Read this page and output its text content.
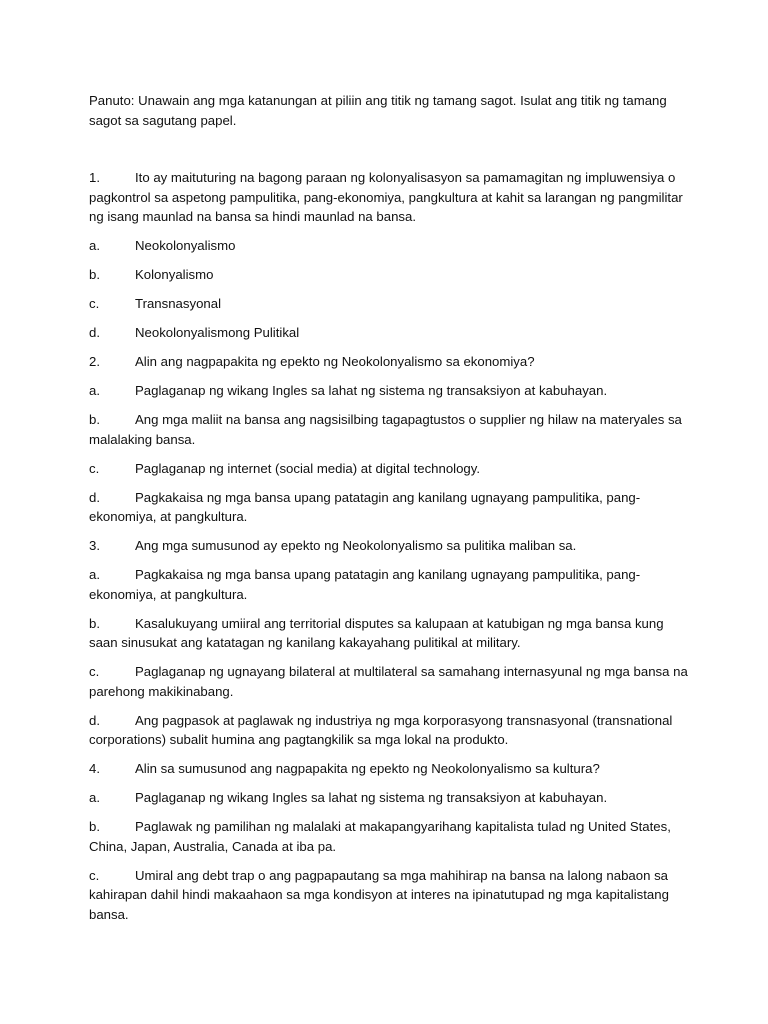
Panuto: Unawain ang mga katanungan at piliin ang titik ng tamang sagot. Isulat ang titik ng tamang sagot sa sagutang papel.

1.	Ito ay maituturing na bagong paraan ng kolonyalisasyon sa pamamagitan ng impluwensiya o pagkontrol sa aspetong pampulitika, pang-ekonomiya, pangkultura at kahit sa larangan ng pangmilitar ng isang maunlad na bansa sa hindi maunlad na bansa.

a.	Neokolonyalismo

b.	Kolonyalismo

c.	Transnasyonal

d.	Neokolonyalismong Pulitikal

2.	Alin ang nagpapakita ng epekto ng Neokolonyalismo sa ekonomiya?

a.	Paglaganap ng wikang Ingles sa lahat ng sistema ng transaksiyon at kabuhayan.

b.	Ang mga maliit na bansa ang nagsisilbing tagapagtustos o supplier ng hilaw na materyales sa malalaking bansa.

c.	Paglaganap ng internet (social media) at digital technology.

d.	Pagkakaisa ng mga bansa upang patatagin ang kanilang ugnayang pampulitika, pang-ekonomiya, at pangkultura.

3.	Ang mga sumusunod ay epekto ng Neokolonyalismo sa pulitika maliban sa.

a.	Pagkakaisa ng mga bansa upang patatagin ang kanilang ugnayang pampulitika, pang-ekonomiya, at pangkultura.

b.	Kasalukuyang umiiral ang territorial disputes sa kalupaan at katubigan ng mga bansa kung saan sinusukat ang katatagan ng kanilang kakayahang pulitikal at military.

c.	Paglaganap ng ugnayang bilateral at multilateral sa samahang internasyunal ng mga bansa na parehong makikinabang.

d.	Ang pagpasok at paglawak ng industriya ng mga korporasyong transnasyonal (transnational corporations) subalit humina ang pagtangkilik sa mga lokal na produkto.

4.	Alin sa sumusunod ang nagpapakita ng epekto ng Neokolonyalismo sa kultura?

a.	Paglaganap ng wikang Ingles sa lahat ng sistema ng transaksiyon at kabuhayan.

b.	Paglawak ng pamilihan ng malalaki at makapangyarihang kapitalista tulad ng United States, China, Japan, Australia, Canada at iba pa.

c.	Umiral ang debt trap o ang pagpapautang sa mga mahihirap na bansa na lalong nabaon sa kahirapan dahil hindi makaahaon sa mga kondisyon at interes na ipinatutupad ng mga kapitalistang bansa.
